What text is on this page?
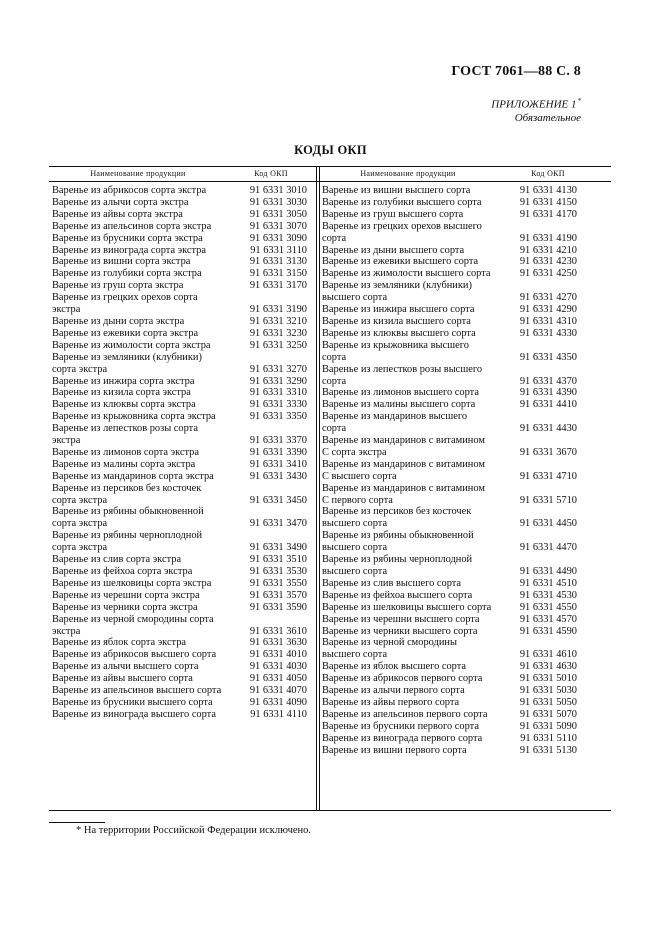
ГОСТ 7061—88 С. 8
ПРИЛОЖЕНИЕ 1*
Обязательное
КОДЫ ОКП
Наименование продукции	Код ОКП	Наименование продукции	Код ОКП
Варенье из абрикосов сорта экстра	91 6331 3010
Варенье из алычи сорта экстра	91 6331 3030
Варенье из айвы сорта экстра	91 6331 3050
Варенье из апельсинов сорта экстра	91 6331 3070
Варенье из брусники сорта экстра	91 6331 3090
Варенье из винограда сорта экстра	91 6331 3110
Варенье из вишни сорта экстра	91 6331 3130
Варенье из голубики сорта экстра	91 6331 3150
Варенье из груш сорта экстра	91 6331 3170
Варенье из грецких орехов сорта экстра	91 6331 3190
Варенье из дыни сорта экстра	91 6331 3210
Варенье из ежевики сорта экстра	91 6331 3230
Варенье из жимолости сорта экстра	91 6331 3250
Варенье из земляники (клубники) сорта экстра	91 6331 3270
Варенье из инжира сорта экстра	91 6331 3290
Варенье из кизила сорта экстра	91 6331 3310
Варенье из клюквы сорта экстра	91 6331 3330
Варенье из крыжовника сорта экстра	91 6331 3350
Варенье из лепестков розы сорта экстра	91 6331 3370
Варенье из лимонов сорта экстра	91 6331 3390
Варенье из малины сорта экстра	91 6331 3410
Варенье из мандаринов сорта экстра	91 6331 3430
Варенье из персиков без косточек сорта экстра	91 6331 3450
Варенье из рябины обыкновенной сорта экстра	91 6331 3470
Варенье из рябины черноплодной сорта экстра	91 6331 3490
Варенье из слив сорта экстра	91 6331 3510
Варенье из фейхоа сорта экстра	91 6331 3530
Варенье из шелковицы сорта экстра	91 6331 3550
Варенье из черешни сорта экстра	91 6331 3570
Варенье из черники сорта экстра	91 6331 3590
Варенье из черной смородины сорта экстра	91 6331 3610
Варенье из яблок сорта экстра	91 6331 3630
Варенье из абрикосов высшего сорта	91 6331 4010
Варенье из алычи высшего сорта	91 6331 4030
Варенье из айвы высшего сорта	91 6331 4050
Варенье из апельсинов высшего сорта	91 6331 4070
Варенье из брусники высшего сорта	91 6331 4090
Варенье из винограда высшего сорта	91 6331 4110
Варенье из вишни высшего сорта	91 6331 4130
Варенье из голубики высшего сорта	91 6331 4150
Варенье из груш высшего сорта	91 6331 4170
Варенье из грецких орехов высшего сорта	91 6331 4190
Варенье из дыни высшего сорта	91 6331 4210
Варенье из ежевики высшего сорта	91 6331 4230
Варенье из жимолости высшего сорта	91 6331 4250
Варенье из земляники (клубники) высшего сорта	91 6331 4270
Варенье из инжира высшего сорта	91 6331 4290
Варенье из кизила высшего сорта	91 6331 4310
Варенье из клюквы высшего сорта	91 6331 4330
Варенье из крыжовника высшего сорта	91 6331 4350
Варенье из лепестков розы высшего сорта	91 6331 4370
Варенье из лимонов высшего сорта	91 6331 4390
Варенье из малины высшего сорта	91 6331 4410
Варенье из мандаринов высшего сорта	91 6331 4430
Варенье из мандаринов с витамином С сорта экстра	91 6331 3670
Варенье из мандаринов с витамином С высшего сорта	91 6331 4710
Варенье из мандаринов с витамином С первого сорта	91 6331 5710
Варенье из персиков без косточек высшего сорта	91 6331 4450
Варенье из рябины обыкновенной высшего сорта	91 6331 4470
Варенье из рябины черноплодной высшего сорта	91 6331 4490
Варенье из слив высшего сорта	91 6331 4510
Варенье из фейхоа высшего сорта	91 6331 4530
Варенье из шелковицы высшего сорта	91 6331 4550
Варенье из черешни высшего сорта	91 6331 4570
Варенье из черники высшего сорта	91 6331 4590
Варенье из черной смородины высшего сорта	91 6331 4610
Варенье из яблок высшего сорта	91 6331 4630
Варенье из абрикосов первого сорта	91 6331 5010
Варенье из алычи первого сорта	91 6331 5030
Варенье из айвы первого сорта	91 6331 5050
Варенье из апельсинов первого сорта	91 6331 5070
Варенье из брусники первого сорта	91 6331 5090
Варенье из винограда первого сорта	91 6331 5110
Варенье из вишни первого сорта	91 6331 5130
* На территории Российской Федерации исключено.
